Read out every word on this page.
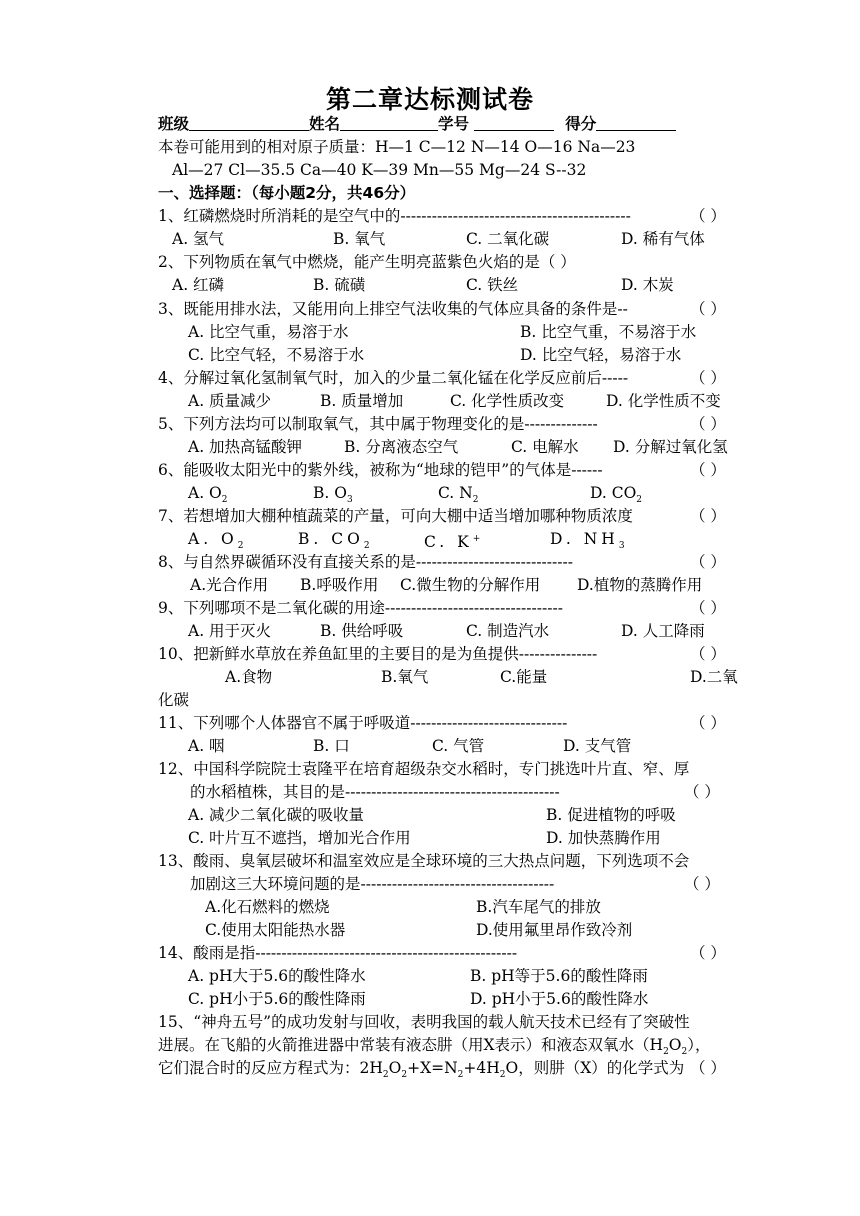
第二章达标测试卷
班级	姓名	学号	得分
本卷可能用到的相对原子质量：H—1 C—12 N—14 O—16 Na—23
Al—27 Cl—35.5 Ca—40 K—39 Mn—55 Mg—24 S--32
一、选择题：（每小题2分，共46分）
1、红磷燃烧时所消耗的是空气中的--------------------------------------------	（ ）
A. 氢气	B. 氧气	C. 二氧化碳	D. 稀有气体
2、下列物质在氧气中燃烧，能产生明亮蓝紫色火焰的是（ ）
A. 红磷	B. 硫磺	C. 铁丝	D. 木炭
3、既能用排水法，又能用向上排空气法收集的气体应具备的条件是--	（ ）
A. 比空气重，易溶于水	B. 比空气重，不易溶于水
C. 比空气轻，不易溶于水	D. 比空气轻，易溶于水
4、分解过氧化氢制氧气时，加入的少量二氧化锰在化学反应前后-----	（ ）
A. 质量减少	B. 质量增加	C. 化学性质改变	D. 化学性质不变
5、下列方法均可以制取氧气，其中属于物理变化的是--------------	（ ）
A. 加热高锰酸钾	B. 分离液态空气	C. 电解水 D. 分解过氧化氢
6、能吸收太阳光中的紫外线，被称为“地球的铠甲”的气体是------	（ ）
A. $O_2$	B. $O_3$	C. $N_2$	D. $CO_2$
7、若想增加大棚种植蔬菜的产量，可向大棚中适当增加哪种物质浓度	（ ）
A. $O_2$	B. $CO_2$	C. K+	D. $NH_3$
8、与自然界碳循环没有直接关系的是------------------------------	（ ）
A.光合作用 B.呼吸作用 C.微生物的分解作用 D.植物的蒸腾作用
9、下列哪项不是二氧化碳的用途----------------------------------	（ ）
A. 用于灭火	B. 供给呼吸	C. 制造汽水	D. 人工降雨
10、把新鲜水草放在养鱼缸里的主要目的是为鱼提供---------------	（ ）
A.食物	B.氧气	C.能量	D.二氧
化碳
11、下列哪个人体器官不属于呼吸道------------------------------	（ ）
A. 咽	B. 口	C. 气管	D. 支气管
12、中国科学院院士袁隆平在培育超级杂交水稻时，专门挑选叶片直、窄、厚
的水稻植株，其目的是-----------------------------------------	（ ）
A. 减少二氧化碳的吸收量	B. 促进植物的呼吸
C. 叶片互不遮挡，增加光合作用	D. 加快蒸腾作用
13、酸雨、臭氧层破坏和温室效应是全球环境的三大热点问题，下列选项不会
加剧这三大环境问题的是-------------------------------------	（ ）
A.化石燃料的燃烧	B.汽车尾气的排放
C.使用太阳能热水器	D.使用氟里昂作致冷剂
14、酸雨是指--------------------------------------------------	（ ）
A. pH大于5.6的酸性降水	B. pH等于5.6的酸性降雨
C. pH小于5.6的酸性降雨	D. pH小于5.6的酸性降水
15、“神舟五号”的成功发射与回收，表明我国的载人航天技术已经有了突破性
进展。在飞船的火箭推进器中常装有液态肼（用X表示）和液态双氧水$(H_2O_2)$，
它们混合时的反应方程式为：$2H_2O_2+X=N_2+4H_2O$，则肼（X）的化学式为 （ ）
